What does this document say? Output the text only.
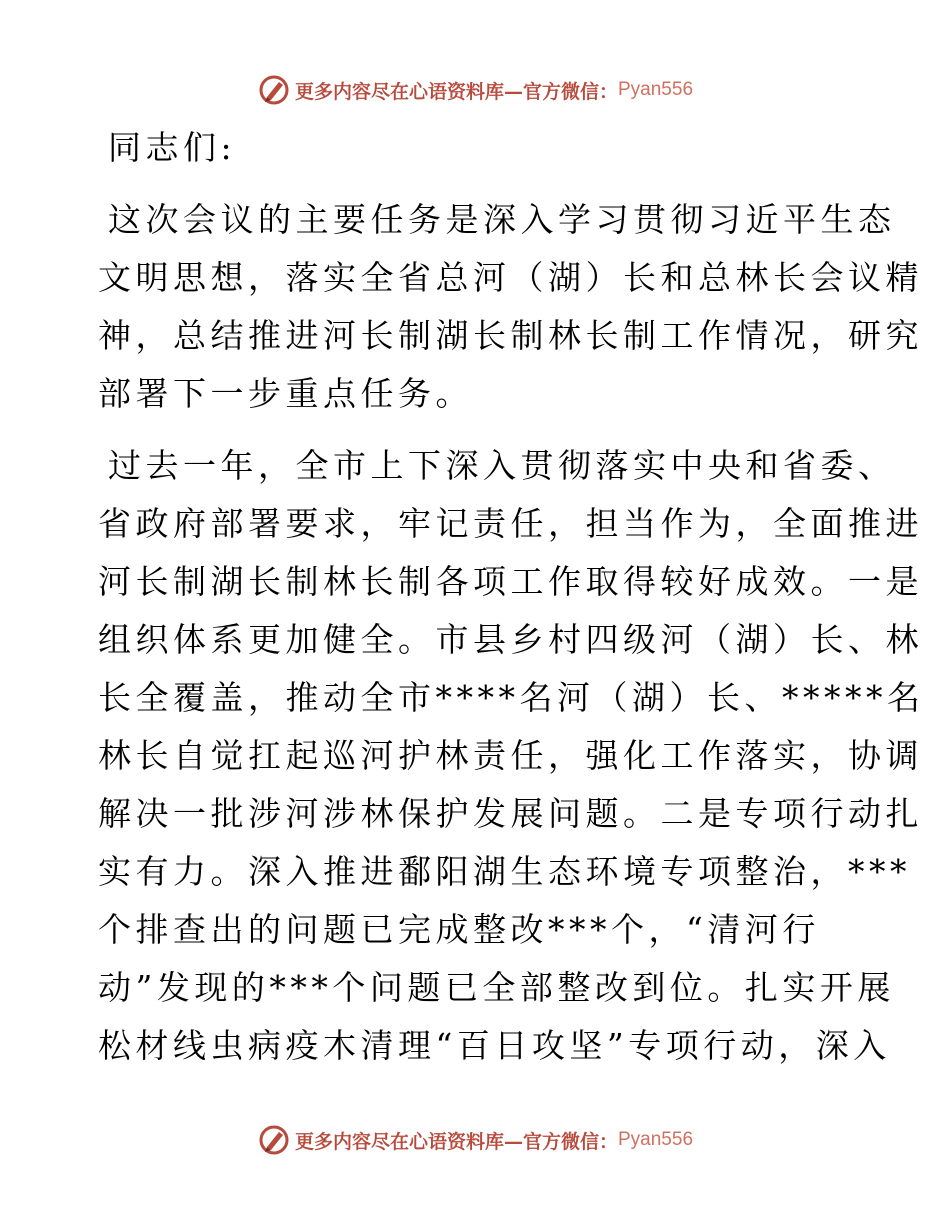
更多内容尽在心语资料库—官方微信： Pyan556
同志们:
这次会议的主要任务是深入学习贯彻习近平生态
文明思想，落实全省总河（湖）长和总林长会议精
神，总结推进河长制湖长制林长制工作情况，研究
部署下一步重点任务。
过去一年，全市上下深入贯彻落实中央和省委、
省政府部署要求，牢记责任，担当作为，全面推进
河长制湖长制林长制各项工作取得较好成效。一是
组织体系更加健全。市县乡村四级河（湖）长、林
长全覆盖，推动全市****名河（湖）长、*****名
林长自觉扛起巡河护林责任，强化工作落实，协调
解决一批涉河涉林保护发展问题。二是专项行动扎
实有力。深入推进鄱阳湖生态环境专项整治，***
个排查出的问题已完成整改***个，“清河行
动”发现的***个问题已全部整改到位。扎实开展
松材线虫病疫木清理“百日攻坚”专项行动，深入
更多内容尽在心语资料库—官方微信： Pyan556
